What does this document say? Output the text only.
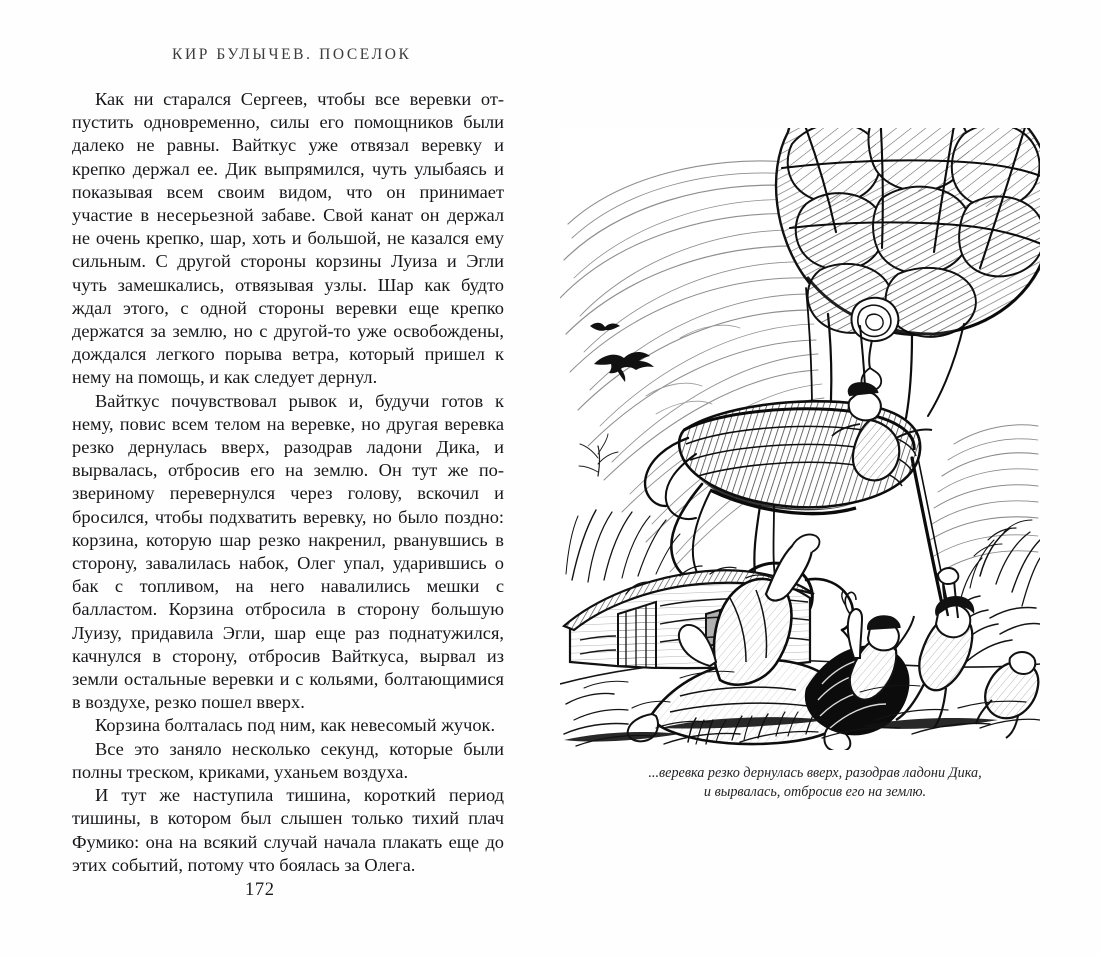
КИР БУЛЫЧЕВ. ПОСЕЛОК

Как ни старался Сергеев, чтобы все веревки отпустить одновременно, силы его помощников были далеко не равны. Вайткус уже отвязал веревку и крепко держал ее. Дик выпрямился, чуть улыбаясь и показывая всем своим видом, что он принимает участие в несерьезной забаве. Свой канат он держал не очень крепко, шар, хоть и большой, не казался ему сильным. С другой стороны корзины Луиза и Эгли чуть замешкались, отвязывая узлы. Шар как будто ждал этого, с одной стороны веревки еще крепко держатся за землю, но с другой-то уже освобождены, дождался легкого порыва ветра, который пришел к нему на помощь, и как следует дернул.

Вайткус почувствовал рывок и, будучи готов к нему, повис всем телом на веревке, но другая веревка резко дернулась вверх, разодрав ладони Дика, и вырвалась, отбросив его на землю. Он тут же по-звериному перевернулся через голову, вскочил и бросился, чтобы подхватить веревку, но было поздно: корзина, которую шар резко накренил, рванувшись в сторону, завалилась набок, Олег упал, ударившись о бак с топливом, на него навалились мешки с балластом. Корзина отбросила в сторону большую Луизу, придавила Эгли, шар еще раз поднатужился, качнулся в сторону, отбросив Вайткуса, вырвал из земли остальные веревки и с кольями, болтающимися в воздухе, резко пошел вверх.

Корзина болталась под ним, как невесомый жучок.

Все это заняло несколько секунд, которые были полны треском, криками, уханьем воздуха.

И тут же наступила тишина, короткий период тишины, в котором был слышен только тихий плач Фумико: она на всякий случай начала плакать еще до этих событий, потому что боялась за Олега.

172
...веревка резко дернулась вверх, разодрав ладони Дика,
и вырвалась, отбросив его на землю.
